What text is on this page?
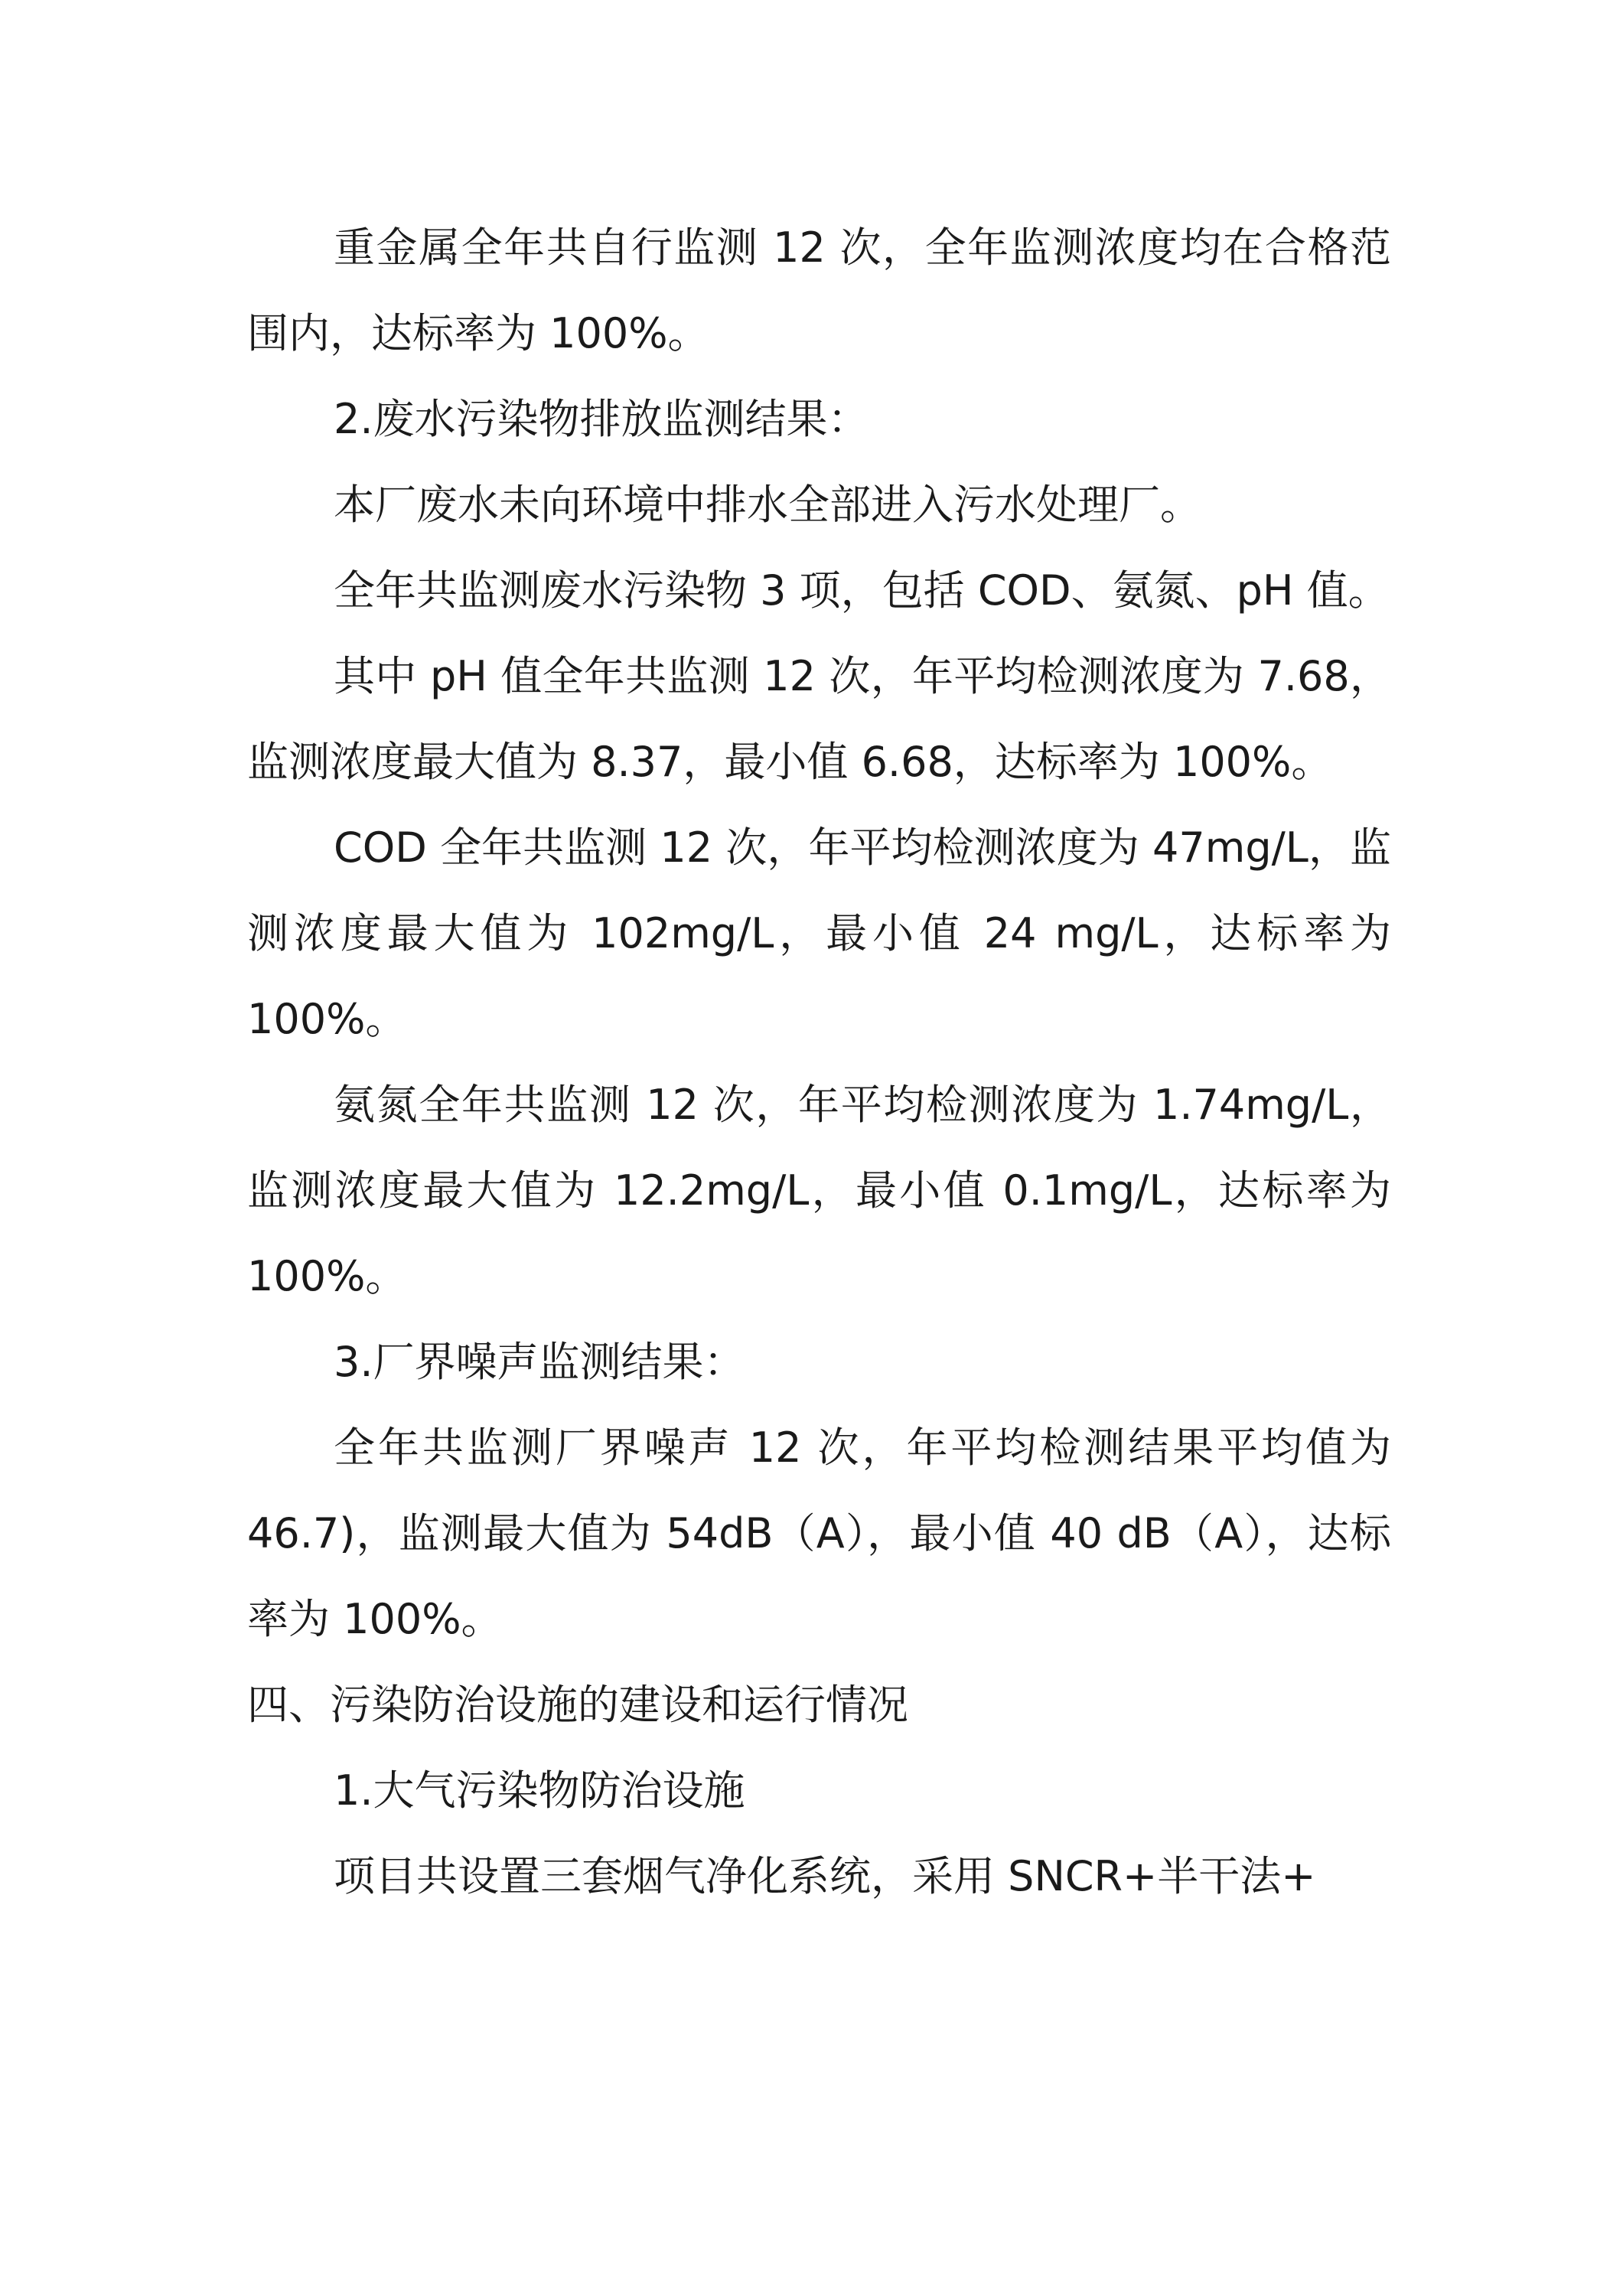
重金属全年共自行监测 12 次，全年监测浓度均在合格范围内，达标率为 100%。

2.废水污染物排放监测结果：

本厂废水未向环境中排水全部进入污水处理厂。

全年共监测废水污染物 3 项，包括 COD、氨氮、pH 值。

其中 pH 值全年共监测 12 次，年平均检测浓度为 7.68，监测浓度最大值为 8.37，最小值 6.68，达标率为 100%。

COD 全年共监测 12 次，年平均检测浓度为 47mg/L，监测浓度最大值为 102mg/L，最小值 24 mg/L，达标率为 100%。

氨氮全年共监测 12 次，年平均检测浓度为 1.74mg/L，监测浓度最大值为 12.2mg/L，最小值 0.1mg/L，达标率为 100%。

3.厂界噪声监测结果：

全年共监测厂界噪声 12 次，年平均检测结果平均值为 46.7)，监测最大值为 54dB（A），最小值 40 dB（A），达标率为 100%。

四、污染防治设施的建设和运行情况

1.大气污染物防治设施

项目共设置三套烟气净化系统，采用 SNCR+半干法+
